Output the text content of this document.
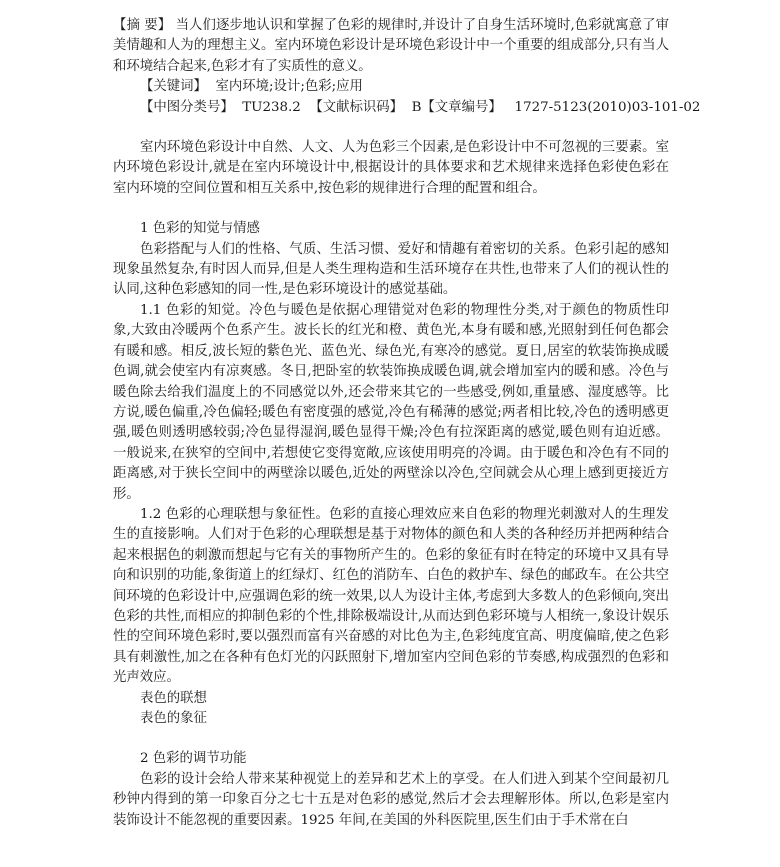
【摘 要】 当人们逐步地认识和掌握了色彩的规律时,并设计了自身生活环境时,色彩就寓意了审美情趣和人为的理想主义。室内环境色彩设计是环境色彩设计中一个重要的组成部分,只有当人和环境结合起来,色彩才有了实质性的意义。

【关键词】 室内环境;设计;色彩;应用

【中图分类号】 TU238.2 【文献标识码】 B【文章编号】 1727-5123(2010)03-101-02

室内环境色彩设计中自然、人文、人为色彩三个因素,是色彩设计中不可忽视的三要素。室内环境色彩设计,就是在室内环境设计中,根据设计的具体要求和艺术规律来选择色彩使色彩在室内环境的空间位置和相互关系中,按色彩的规律进行合理的配置和组合。

1 色彩的知觉与情感

色彩搭配与人们的性格、气质、生活习惯、爱好和情趣有着密切的关系。色彩引起的感知现象虽然复杂,有时因人而异,但是人类生理构造和生活环境存在共性,也带来了人们的视认性的认同,这种色彩感知的同一性,是色彩环境设计的感觉基础。

1.1 色彩的知觉。冷色与暖色是依据心理错觉对色彩的物理性分类,对于颜色的物质性印象,大致由冷暖两个色系产生。波长长的红光和橙、黄色光,本身有暖和感,光照射到任何色都会有暖和感。相反,波长短的紫色光、蓝色光、绿色光,有寒冷的感觉。夏日,居室的软装饰换成暖色调,就会使室内有凉爽感。冬日,把卧室的软装饰换成暖色调,就会增加室内的暖和感。冷色与暖色除去给我们温度上的不同感觉以外,还会带来其它的一些感受,例如,重量感、湿度感等。比方说,暖色偏重,冷色偏轻;暖色有密度强的感觉,冷色有稀薄的感觉;两者相比较,冷色的透明感更强,暖色则透明感较弱;冷色显得湿润,暖色显得干燥;冷色有拉深距离的感觉,暖色则有迫近感。一般说来,在狭窄的空间中,若想使它变得宽敞,应该使用明亮的冷调。由于暖色和冷色有不同的距离感,对于狭长空间中的两壁涂以暖色,近处的两壁涂以冷色,空间就会从心理上感到更接近方形。

1.2 色彩的心理联想与象征性。色彩的直接心理效应来自色彩的物理光刺激对人的生理发生的直接影响。人们对于色彩的心理联想是基于对物体的颜色和人类的各种经历并把两种结合起来根据色的刺激而想起与它有关的事物所产生的。色彩的象征有时在特定的环境中又具有导向和识别的功能,象街道上的红绿灯、红色的消防车、白色的救护车、绿色的邮政车。在公共空间环境的色彩设计中,应强调色彩的统一效果,以人为设计主体,考虑到大多数人的色彩倾向,突出色彩的共性,而相应的抑制色彩的个性,排除极端设计,从而达到色彩环境与人相统一,象设计娱乐性的空间环境色彩时,要以强烈而富有兴奋感的对比色为主,色彩纯度宜高、明度偏暗,使之色彩具有刺激性,加之在各种有色灯光的闪跃照射下,增加室内空间色彩的节奏感,构成强烈的色彩和光声效应。

表色的联想

表色的象征

2 色彩的调节功能

色彩的设计会给人带来某种视觉上的差异和艺术上的享受。在人们进入到某个空间最初几秒钟内得到的第一印象百分之七十五是对色彩的感觉,然后才会去理解形体。所以,色彩是室内装饰设计不能忽视的重要因素。1925 年间,在美国的外科医院里,医生们由于手术常在白
